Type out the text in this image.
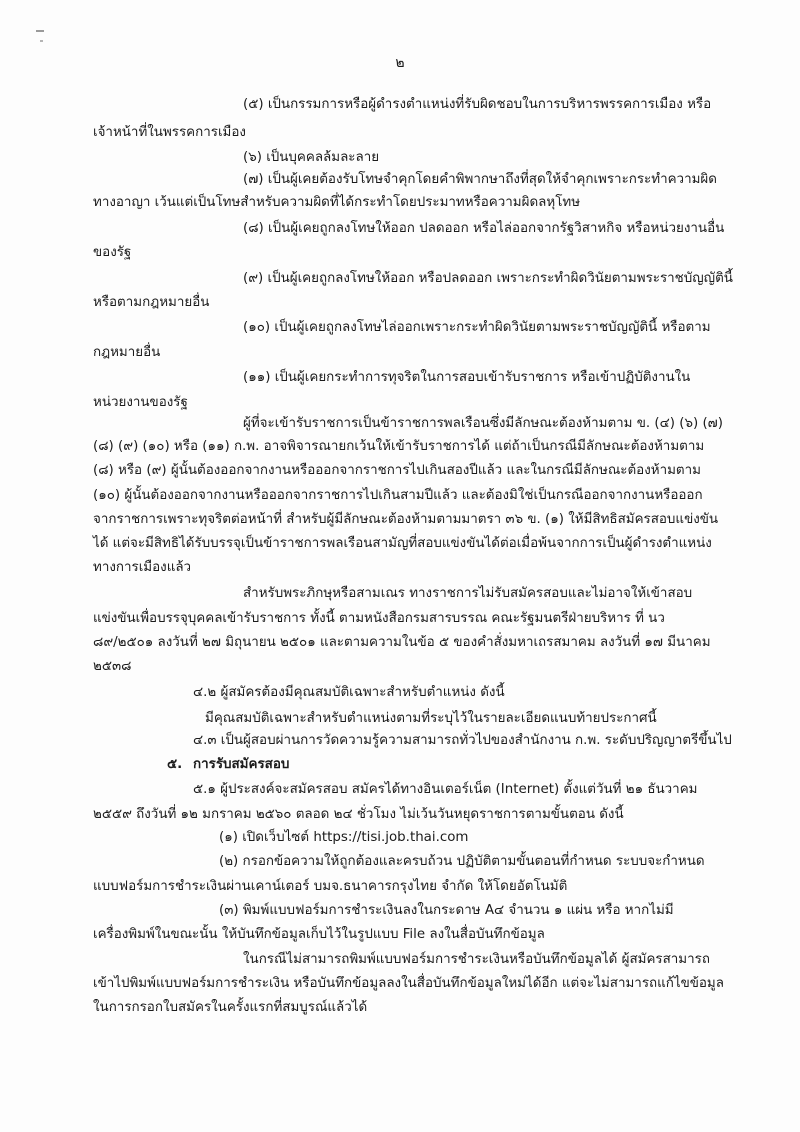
๒
(๕) เป็นกรรมการหรือผู้ดำรงตำแหน่งที่รับผิดชอบในการบริหารพรรคการเมือง หรือ
เจ้าหน้าที่ในพรรคการเมือง
(๖) เป็นบุคคลล้มละลาย
(๗) เป็นผู้เคยต้องรับโทษจำคุกโดยคำพิพากษาถึงที่สุดให้จำคุกเพราะกระทำความผิด
ทางอาญา เว้นแต่เป็นโทษสำหรับความผิดที่ได้กระทำโดยประมาทหรือความผิดลหุโทษ
(๘) เป็นผู้เคยถูกลงโทษให้ออก ปลดออก หรือไล่ออกจากรัฐวิสาหกิจ หรือหน่วยงานอื่น
ของรัฐ
(๙) เป็นผู้เคยถูกลงโทษให้ออก หรือปลดออก เพราะกระทำผิดวินัยตามพระราชบัญญัตินี้
หรือตามกฎหมายอื่น
(๑๐) เป็นผู้เคยถูกลงโทษไล่ออกเพราะกระทำผิดวินัยตามพระราชบัญญัตินี้ หรือตาม
กฎหมายอื่น
(๑๑) เป็นผู้เคยกระทำการทุจริตในการสอบเข้ารับราชการ หรือเข้าปฏิบัติงานใน
หน่วยงานของรัฐ
ผู้ที่จะเข้ารับราชการเป็นข้าราชการพลเรือนซึ่งมีลักษณะต้องห้ามตาม ข. (๔) (๖) (๗)
(๘) (๙) (๑๐) หรือ (๑๑) ก.พ. อาจพิจารณายกเว้นให้เข้ารับราชการได้ แต่ถ้าเป็นกรณีมีลักษณะต้องห้ามตาม
(๘) หรือ (๙) ผู้นั้นต้องออกจากงานหรือออกจากราชการไปเกินสองปีแล้ว และในกรณีมีลักษณะต้องห้ามตาม
(๑๐) ผู้นั้นต้องออกจากงานหรือออกจากราชการไปเกินสามปีแล้ว และต้องมิใช่เป็นกรณีออกจากงานหรือออก
จากราชการเพราะทุจริตต่อหน้าที่ สำหรับผู้มีลักษณะต้องห้ามตามมาตรา ๓๖ ข. (๑) ให้มีสิทธิสมัครสอบแข่งขัน
ได้ แต่จะมีสิทธิได้รับบรรจุเป็นข้าราชการพลเรือนสามัญที่สอบแข่งขันได้ต่อเมื่อพ้นจากการเป็นผู้ดำรงตำแหน่ง
ทางการเมืองแล้ว
สำหรับพระภิกษุหรือสามเณร ทางราชการไม่รับสมัครสอบและไม่อาจให้เข้าสอบ
แข่งขันเพื่อบรรจุบุคคลเข้ารับราชการ ทั้งนี้ ตามหนังสือกรมสารบรรณ คณะรัฐมนตรีฝ่ายบริหาร ที่ นว
๘๙/๒๕๐๑ ลงวันที่ ๒๗ มิถุนายน ๒๕๐๑ และตามความในข้อ ๕ ของคำสั่งมหาเถรสมาคม ลงวันที่ ๑๗ มีนาคม
๒๕๓๘
๔.๒ ผู้สมัครต้องมีคุณสมบัติเฉพาะสำหรับตำแหน่ง ดังนี้
มีคุณสมบัติเฉพาะสำหรับตำแหน่งตามที่ระบุไว้ในรายละเอียดแนบท้ายประกาศนี้
๔.๓ เป็นผู้สอบผ่านการวัดความรู้ความสามารถทั่วไปของสำนักงาน ก.พ. ระดับปริญญาตรีขึ้นไป
๕. การรับสมัครสอบ
๕.๑ ผู้ประสงค์จะสมัครสอบ สมัครได้ทางอินเตอร์เน็ต (Internet) ตั้งแต่วันที่ ๒๑ ธันวาคม
๒๕๕๙ ถึงวันที่ ๑๒ มกราคม ๒๕๖๐ ตลอด ๒๔ ชั่วโมง ไม่เว้นวันหยุดราชการตามขั้นตอน ดังนี้
(๑) เปิดเว็บไซต์ https://tisi.job.thai.com
(๒) กรอกข้อความให้ถูกต้องและครบถ้วน ปฏิบัติตามขั้นตอนที่กำหนด ระบบจะกำหนด
แบบฟอร์มการชำระเงินผ่านเคาน์เตอร์ บมจ.ธนาคารกรุงไทย จำกัด ให้โดยอัตโนมัติ
(๓) พิมพ์แบบฟอร์มการชำระเงินลงในกระดาษ A๔ จำนวน ๑ แผ่น หรือ หากไม่มี
เครื่องพิมพ์ในขณะนั้น ให้บันทึกข้อมูลเก็บไว้ในรูปแบบ File ลงในสื่อบันทึกข้อมูล
ในกรณีไม่สามารถพิมพ์แบบฟอร์มการชำระเงินหรือบันทึกข้อมูลได้ ผู้สมัครสามารถ
เข้าไปพิมพ์แบบฟอร์มการชำระเงิน หรือบันทึกข้อมูลลงในสื่อบันทึกข้อมูลใหม่ได้อีก แต่จะไม่สามารถแก้ไขข้อมูล
ในการกรอกใบสมัครในครั้งแรกที่สมบูรณ์แล้วได้
